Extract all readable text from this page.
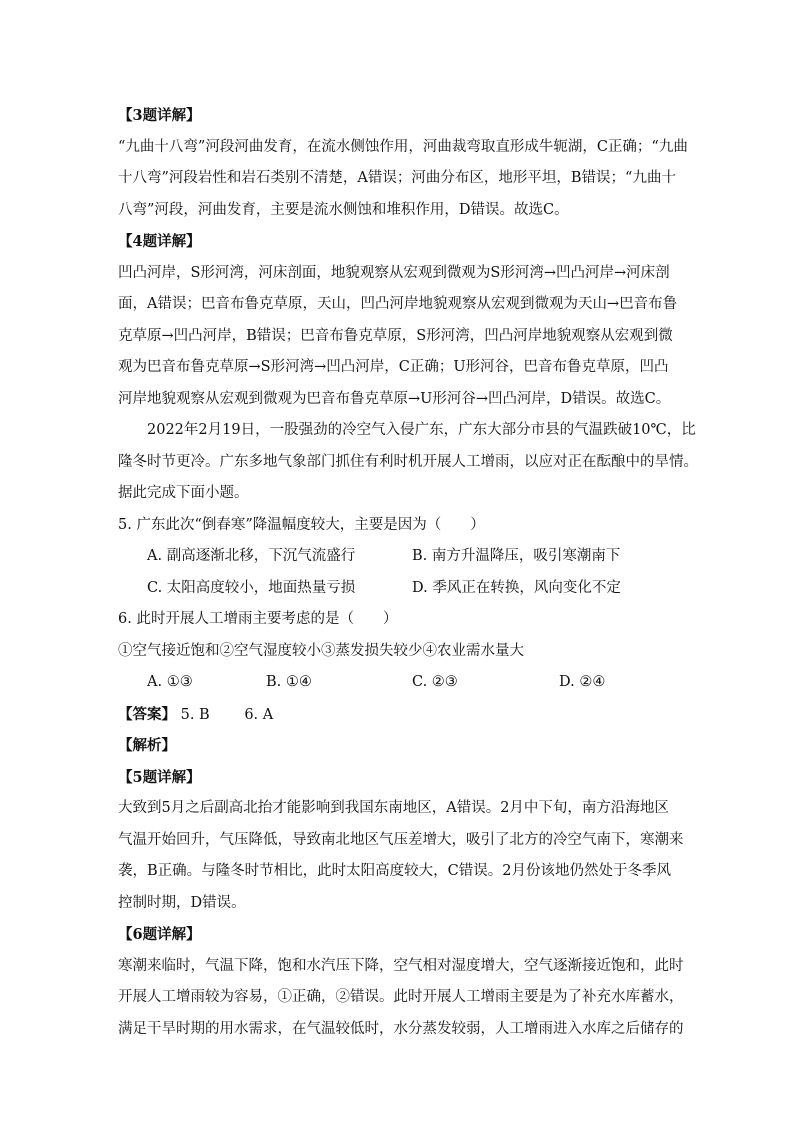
【3题详解】
“九曲十八弯”河段河曲发育，在流水侧蚀作用，河曲裁弯取直形成牛轭湖，C正确；“九曲
十八弯”河段岩性和岩石类别不清楚，A错误；河曲分布区，地形平坦，B错误；“九曲十
八弯”河段，河曲发育，主要是流水侧蚀和堆积作用，D错误。故选C。
【4题详解】
凹凸河岸，S形河湾，河床剖面，地貌观察从宏观到微观为S形河湾→凹凸河岸→河床剖
面，A错误；巴音布鲁克草原，天山，凹凸河岸地貌观察从宏观到微观为天山→巴音布鲁
克草原→凹凸河岸，B错误；巴音布鲁克草原，S形河湾，凹凸河岸地貌观察从宏观到微
观为巴音布鲁克草原→S形河湾→凹凸河岸，C正确；U形河谷，巴音布鲁克草原，凹凸
河岸地貌观察从宏观到微观为巴音布鲁克草原→U形河谷→凹凸河岸，D错误。故选C。
2022年2月19日，一股强劲的冷空气入侵广东，广东大部分市县的气温跌破10℃，比
隆冬时节更冷。广东多地气象部门抓住有利时机开展人工增雨，以应对正在酝酿中的旱情。
据此完成下面小题。
5. 广东此次“倒春寒”降温幅度较大，主要是因为（　　）
A. 副高逐渐北移，下沉气流盛行	B. 南方升温降压，吸引寒潮南下
C. 太阳高度较小，地面热量亏损	D. 季风正在转换，风向变化不定
6. 此时开展人工增雨主要考虑的是（　　）
①空气接近饱和②空气湿度较小③蒸发损失较少④农业需水量大
A. ①③	B. ①④	C. ②③	D. ②④
【答案】 5. B 6. A
【解析】
【5题详解】
大致到5月之后副高北抬才能影响到我国东南地区，A错误。2月中下旬，南方沿海地区
气温开始回升，气压降低，导致南北地区气压差增大，吸引了北方的冷空气南下，寒潮来
袭，B正确。与隆冬时节相比，此时太阳高度较大，C错误。2月份该地仍然处于冬季风
控制时期，D错误。
【6题详解】
寒潮来临时，气温下降，饱和水汽压下降，空气相对湿度增大，空气逐渐接近饱和，此时
开展人工增雨较为容易，①正确，②错误。此时开展人工增雨主要是为了补充水库蓄水，
满足干旱时期的用水需求，在气温较低时，水分蒸发较弱，人工增雨进入水库之后储存的
